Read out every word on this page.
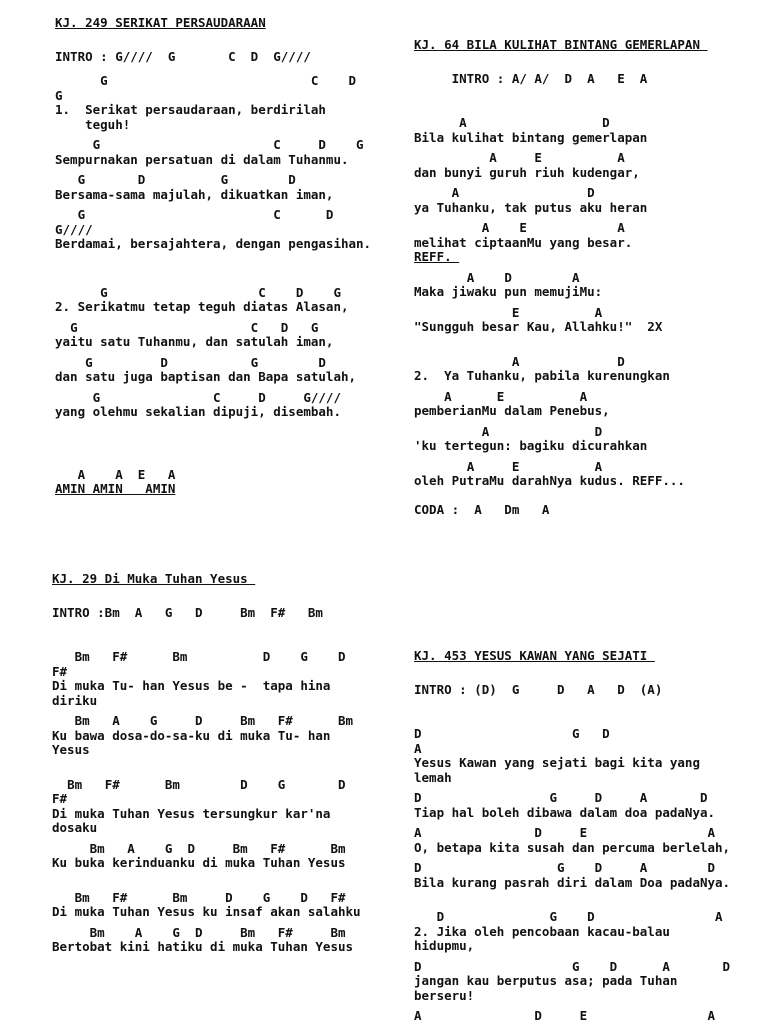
KJ. 249 SERIKAT PERSAUDARAAN
INTRO : G////  G       C  D  G////
G                           C    D     G
1.  Serikat persaudaraan, berdirilah
teguh!
G                       C     D    G
Sempurnakan persatuan di dalam Tuhanmu.
G       D          G        D
Bersama-sama majulah, dikuatkan iman,
G                         C      D
G////
Berdamai, bersajahtera, dengan pengasihan.

G                    C    D    G
2. Serikatmu tetap teguh diatas Alasan,
G                       C   D   G
yaitu satu Tuhanmu, dan satulah iman,
G         D           G        D
dan satu juga baptisan dan Bapa satulah,
G               C     D     G////
yang olehmu sekalian dipuji, disembah.

A    A  E   A
AMIN AMIN   AMIN
KJ. 64 BILA KULIHAT BINTANG GEMERLAPAN
INTRO : A/ A/  D  A   E  A

A                  D
Bila kulihat bintang gemerlapan
A     E          A
dan bunyi guruh riuh kudengar,
A                 D
ya Tuhanku, tak putus aku heran
A    E            A
melihat ciptaanMu yang besar.
REFF.
A    D        A
Maka jiwaku pun memujiMu:
E          A
"Sungguh besar Kau, Allahku!"  2X

A             D
2.  Ya Tuhanku, pabila kurenungkan
A      E          A
pemberianMu dalam Penebus,
A              D
'ku tertegun: bagiku dicurahkan
A     E          A
oleh PutraMu darahNya kudus. REFF...

CODA :  A   Dm   A
KJ. 29 Di Muka Tuhan Yesus
INTRO :Bm  A   G   D     Bm  F#   Bm

Bm   F#      Bm          D    G    D
F#
Di muka Tu- han Yesus be -  tapa hina
diriku
Bm   A    G     D     Bm   F#      Bm
Ku bawa dosa-do-sa-ku di muka Tu- han
Yesus

Bm   F#      Bm        D    G       D
F#
Di muka Tuhan Yesus tersungkur kar'na
dosaku
Bm   A    G  D     Bm   F#      Bm
Ku buka kerinduanku di muka Tuhan Yesus

Bm   F#      Bm     D    G    D   F#
Di muka Tuhan Yesus ku insaf akan salahku
Bm    A    G  D     Bm   F#     Bm
Bertobat kini hatiku di muka Tuhan Yesus
KJ. 453 YESUS KAWAN YANG SEJATI
INTRO : (D)  G     D   A   D  (A)

D                    G   D
A
Yesus Kawan yang sejati bagi kita yang
lemah
D                 G     D     A       D
Tiap hal boleh dibawa dalam doa padaNya.
A               D     E                A
O, betapa kita susah dan percuma berlelah,
D                  G    D     A        D
Bila kurang pasrah diri dalam Doa padaNya.

D              G    D                A
2. Jika oleh pencobaan kacau-balau
hidupmu,
D                    G    D      A       D
jangan kau berputus asa; pada Tuhan
berseru!
A               D     E                A
